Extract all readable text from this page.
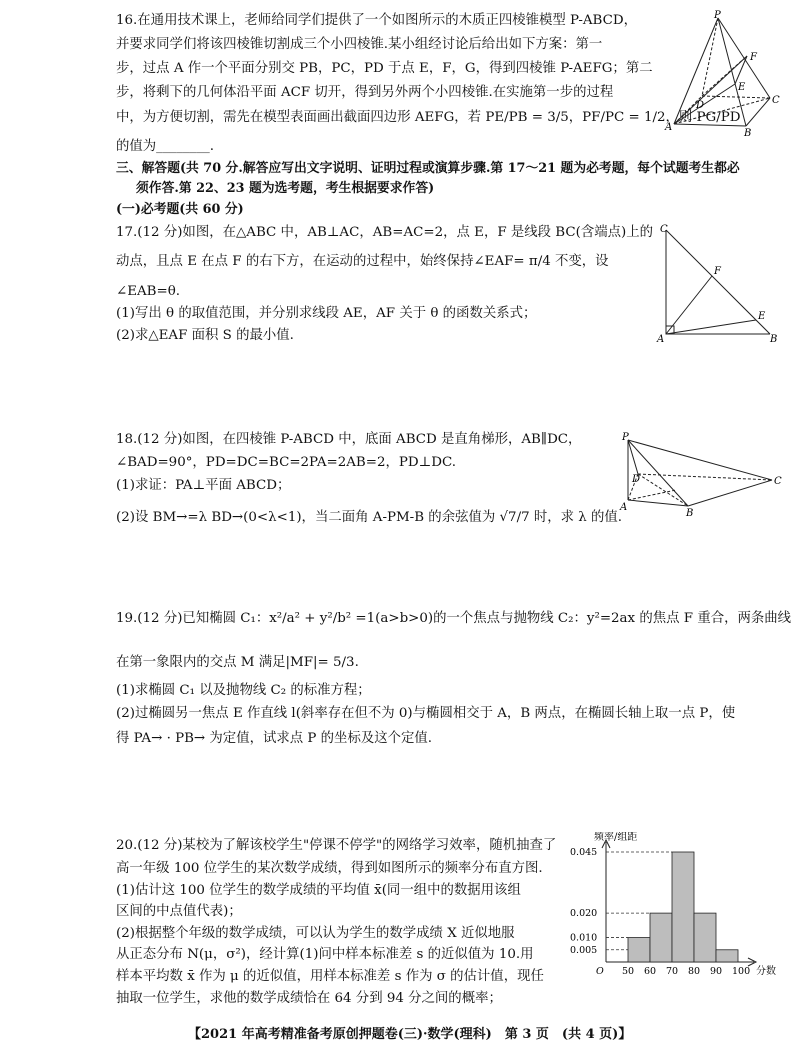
16.在通用技术课上，老师给同学们提供了一个如图所示的木质正四棱锥模型 P-ABCD，
并要求同学们将该四棱锥切割成三个小四棱锥.某小组经讨论后给出如下方案：第一
步，过点 A 作一个平面分别交 PB，PC，PD 于点 E，F，G，得到四棱锥 P-AEFG；第二
步，将剩下的几何体沿平面 ACF 切开，得到另外两个小四棱锥.在实施第一步的过程
中，为方便切割，需先在模型表面画出截面四边形 AEFG，若 PE/PB = 3/5，PF/PC = 1/2，则 PG/PD
的值为________.
P
F
E
D	C
A
B
三、解答题(共 70 分.解答应写出文字说明、证明过程或演算步骤.第 17～21 题为必考题，每个试题考生都必
须作答.第 22、23 题为选考题，考生根据要求作答)
(一)必考题(共 60 分)
17.(12 分)如图，在△ABC 中，AB⊥AC，AB=AC=2，点 E，F 是线段 BC(含端点)上的
动点，且点 E 在点 F 的右下方，在运动的过程中，始终保持∠EAF= π/4 不变，设
∠EAB=θ.
(1)写出 θ 的取值范围，并分别求线段 AE，AF 关于 θ 的函数关系式；
(2)求△EAF 面积 S 的最小值.
C
F
E
A	B
18.(12 分)如图，在四棱锥 P-ABCD 中，底面 ABCD 是直角梯形，AB∥DC，
∠BAD=90°，PD=DC=BC=2PA=2AB=2，PD⊥DC.
(1)求证：PA⊥平面 ABCD；
(2)设 BM→=λ BD→(0<λ<1)，当二面角 A-PM-B 的余弦值为 √7/7 时，求 λ 的值.
P
D	C
A
B
19.(12 分)已知椭圆 C₁：x²/a² + y²/b² =1(a>b>0)的一个焦点与抛物线 C₂：y²=2ax 的焦点 F 重合，两条曲线
在第一象限内的交点 M 满足|MF|= 5/3.
(1)求椭圆 C₁ 以及抛物线 C₂ 的标准方程；
(2)过椭圆另一焦点 E 作直线 l(斜率存在但不为 0)与椭圆相交于 A，B 两点，在椭圆长轴上取一点 P，使
得 PA→ · PB→ 为定值，试求点 P 的坐标及这个定值.
20.(12 分)某校为了解该校学生"停课不停学"的网络学习效率，随机抽查了
高一年级 100 位学生的某次数学成绩，得到如图所示的频率分布直方图.
(1)估计这 100 位学生的数学成绩的平均值 x̄(同一组中的数据用该组
区间的中点值代表)；
(2)根据整个年级的数学成绩，可以认为学生的数学成绩 X 近似地服
从正态分布 N(μ，σ²)，经计算(1)问中样本标准差 s 的近似值为 10.用
样本平均数 x̄ 作为 μ 的近似值，用样本标准差 s 作为 σ 的估计值，现任
抽取一位学生，求他的数学成绩恰在 64 分到 94 分之间的概率；
0.005
0.010
0.020
0.045
O 50 60 70 80 90 100
频率/组距
分数
【2021 年高考精准备考原创押题卷(三)·数学(理科)　第 3 页　(共 4 页)】
